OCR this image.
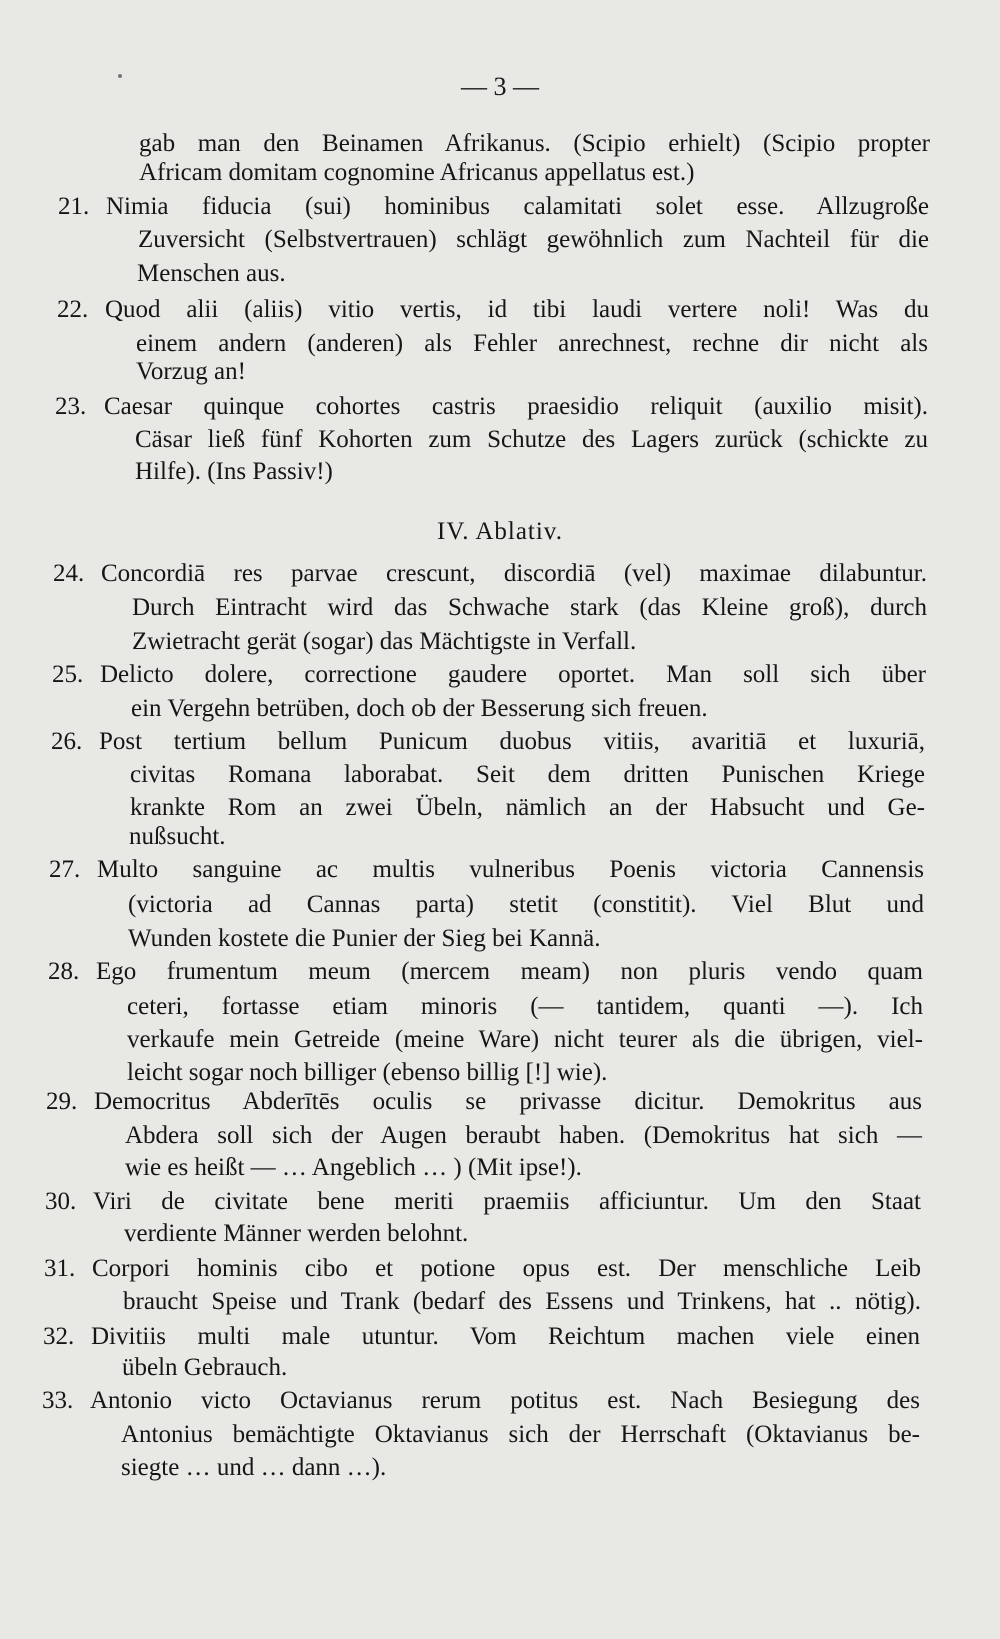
— 3 —
gab man den Beinamen Afrikanus. (Scipio erhielt) (Scipio propter
Africam domitam cognomine Africanus appellatus est.)
21. Nimia fiducia (sui) hominibus calamitati solet esse. Allzugroße
Zuversicht (Selbstvertrauen) schlägt gewöhnlich zum Nachteil für die
Menschen aus.
22. Quod alii (aliis) vitio vertis, id tibi laudi vertere noli! Was du
einem andern (anderen) als Fehler anrechnest, rechne dir nicht als
Vorzug an!
23. Caesar quinque cohortes castris praesidio reliquit (auxilio misit).
Cäsar ließ fünf Kohorten zum Schutze des Lagers zurück (schickte zu
Hilfe). (Ins Passiv!)
IV. Ablativ.
24. Concordiā res parvae crescunt, discordiā (vel) maximae dilabuntur.
Durch Eintracht wird das Schwache stark (das Kleine groß), durch
Zwietracht gerät (sogar) das Mächtigste in Verfall.
25. Delicto dolere, correctione gaudere oportet. Man soll sich über
ein Vergehn betrüben, doch ob der Besserung sich freuen.
26. Post tertium bellum Punicum duobus vitiis, avaritiā et luxuriā,
civitas Romana laborabat. Seit dem dritten Punischen Kriege
krankte Rom an zwei Übeln, nämlich an der Habsucht und Ge-
nußsucht.
27. Multo sanguine ac multis vulneribus Poenis victoria Cannensis
(victoria ad Cannas parta) stetit (constitit). Viel Blut und
Wunden kostete die Punier der Sieg bei Kannä.
28. Ego frumentum meum (mercem meam) non pluris vendo quam
ceteri, fortasse etiam minoris (— tantidem, quanti —). Ich
verkaufe mein Getreide (meine Ware) nicht teurer als die übrigen, viel-
leicht sogar noch billiger (ebenso billig [!] wie).
29. Democritus Abderītēs oculis se privasse dicitur. Demokritus aus
Abdera soll sich der Augen beraubt haben. (Demokritus hat sich —
wie es heißt — … Angeblich … ) (Mit ipse!).
30. Viri de civitate bene meriti praemiis afficiuntur. Um den Staat
verdiente Männer werden belohnt.
31. Corpori hominis cibo et potione opus est. Der menschliche Leib
braucht Speise und Trank (bedarf des Essens und Trinkens, hat .. nötig).
32. Divitiis multi male utuntur. Vom Reichtum machen viele einen
übeln Gebrauch.
33. Antonio victo Octavianus rerum potitus est. Nach Besiegung des
Antonius bemächtigte Oktavianus sich der Herrschaft (Oktavianus be-
siegte … und … dann …).
